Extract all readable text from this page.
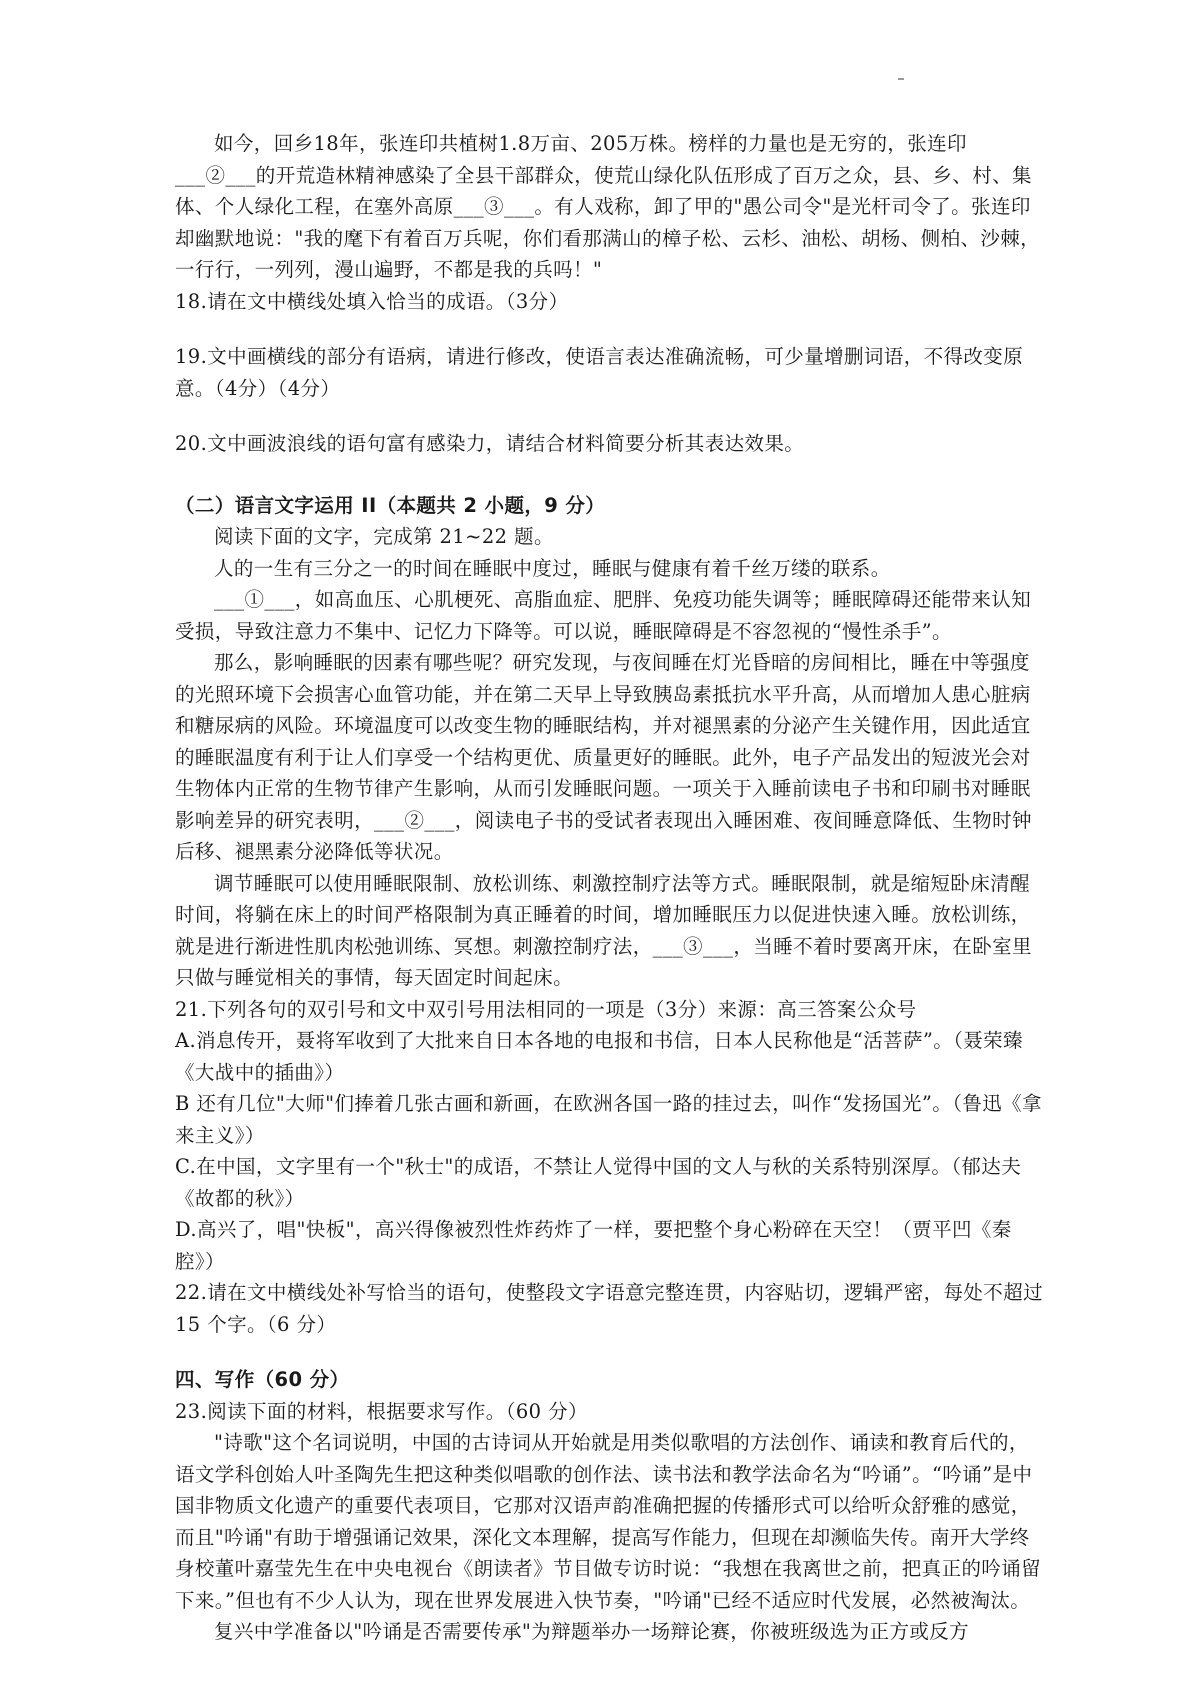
如今，回乡18年，张连印共植树1.8万亩、205万株。榜样的力量也是无穷的，张连印___②___的开荒造林精神感染了全县干部群众，使荒山绿化队伍形成了百万之众，县、乡、村、集体、个人绿化工程，在塞外高原___③___。有人戏称，卸了甲的"愚公司令"是光杆司令了。张连印却幽默地说："我的麾下有着百万兵呢，你们看那满山的樟子松、云杉、油松、胡杨、侧柏、沙棘，一行行，一列列，漫山遍野，不都是我的兵吗！"

18.请在文中横线处填入恰当的成语。（3分）

19.文中画横线的部分有语病，请进行修改，使语言表达准确流畅，可少量增删词语，不得改变原意。（4分）（4分）

20.文中画波浪线的语句富有感染力，请结合材料简要分析其表达效果。

（二）语言文字运用 II（本题共 2 小题，9 分）

阅读下面的文字，完成第 21~22 题。

人的一生有三分之一的时间在睡眠中度过，睡眠与健康有着千丝万缕的联系。

___①___，如高血压、心肌梗死、高脂血症、肥胖、免疫功能失调等；睡眠障碍还能带来认知受损，导致注意力不集中、记忆力下降等。可以说，睡眠障碍是不容忽视的“慢性杀手”。

那么，影响睡眠的因素有哪些呢？研究发现，与夜间睡在灯光昏暗的房间相比，睡在中等强度的光照环境下会损害心血管功能，并在第二天早上导致胰岛素抵抗水平升高，从而增加人患心脏病和糖尿病的风险。环境温度可以改变生物的睡眠结构，并对褪黑素的分泌产生关键作用，因此适宜的睡眠温度有利于让人们享受一个结构更优、质量更好的睡眠。此外，电子产品发出的短波光会对生物体内正常的生物节律产生影响，从而引发睡眠问题。一项关于入睡前读电子书和印刷书对睡眠影响差异的研究表明，___②___，阅读电子书的受试者表现出入睡困难、夜间睡意降低、生物时钟后移、褪黑素分泌降低等状况。

调节睡眠可以使用睡眠限制、放松训练、刺激控制疗法等方式。睡眠限制，就是缩短卧床清醒时间，将躺在床上的时间严格限制为真正睡着的时间，增加睡眠压力以促进快速入睡。放松训练，就是进行渐进性肌肉松弛训练、冥想。刺激控制疗法，___③___，当睡不着时要离开床，在卧室里只做与睡觉相关的事情，每天固定时间起床。

21.下列各句的双引号和文中双引号用法相同的一项是（3分）来源：高三答案公众号

A.消息传开，聂将军收到了大批来自日本各地的电报和书信，日本人民称他是“活菩萨”。（聂荣臻《大战中的插曲》）

B 还有几位"大师"们捧着几张古画和新画，在欧洲各国一路的挂过去，叫作“发扬国光”。（鲁迅《拿来主义》）

C.在中国，文字里有一个"秋士"的成语，不禁让人觉得中国的文人与秋的关系特别深厚。（郁达夫《故都的秋》）

D.高兴了，唱"快板"，高兴得像被烈性炸药炸了一样，要把整个身心粉碎在天空！（贾平凹《秦腔》）

22.请在文中横线处补写恰当的语句，使整段文字语意完整连贯，内容贴切，逻辑严密，每处不超过 15 个字。（6 分）

四、写作（60 分）

23.阅读下面的材料，根据要求写作。（60 分）

"诗歌"这个名词说明，中国的古诗词从开始就是用类似歌唱的方法创作、诵读和教育后代的，语文学科创始人叶圣陶先生把这种类似唱歌的创作法、读书法和教学法命名为“吟诵”。“吟诵”是中国非物质文化遗产的重要代表项目，它那对汉语声韵准确把握的传播形式可以给听众舒雅的感觉，而且"吟诵"有助于增强诵记效果，深化文本理解，提高写作能力，但现在却濒临失传。南开大学终身校董叶嘉莹先生在中央电视台《朗读者》节目做专访时说：“我想在我离世之前，把真正的吟诵留下来。”但也有不少人认为，现在世界发展进入快节奏，"吟诵"已经不适应时代发展，必然被淘汰。

复兴中学准备以"吟诵是否需要传承"为辩题举办一场辩论赛，你被班级选为正方或反方
